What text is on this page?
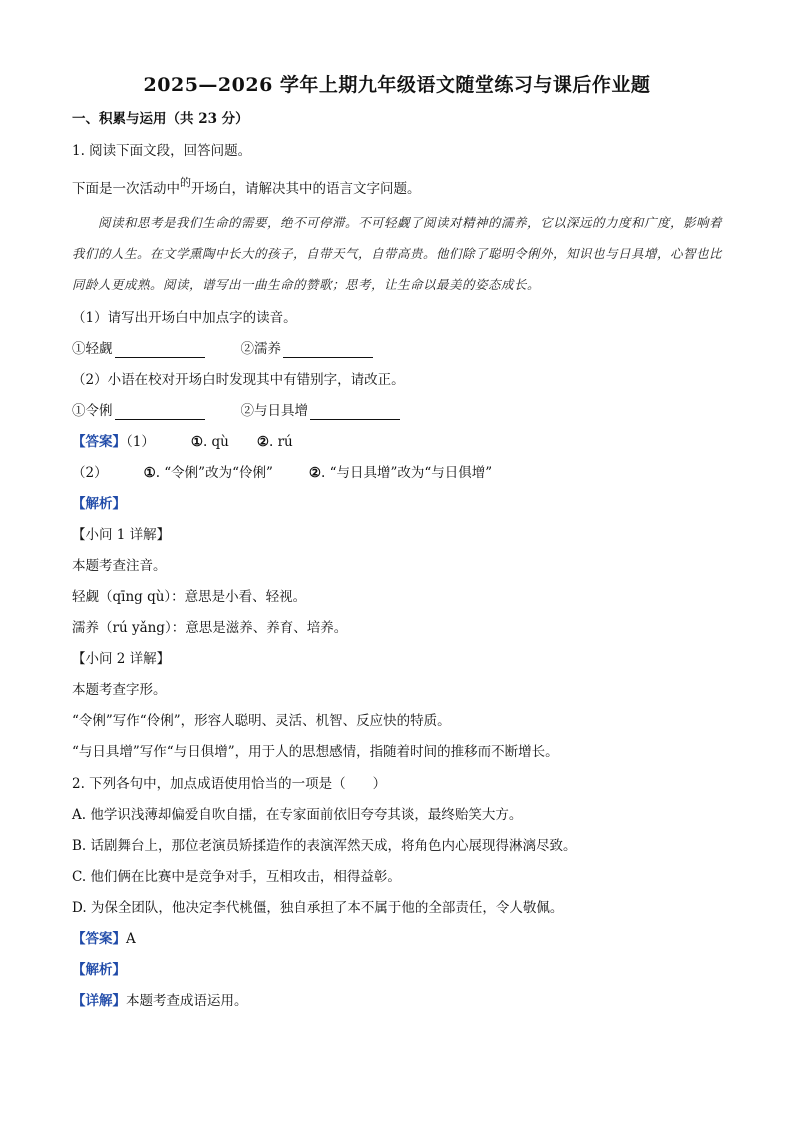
2025—2026 学年上期九年级语文随堂练习与课后作业题
一、积累与运用（共 23 分）
1. 阅读下面文段，回答问题。
下面是一次活动中$^的$开场白，请解决其中的语言文字问题。
阅读和思考是我们生命的需要，绝不可停滞。不可轻觑了阅读对精神的濡养，它以深远的力度和广度，影响着我们的人生。在文学熏陶中长大的孩子，自带天气，自带高贵。他们除了聪明令俐外，知识也与日具增，心智也比同龄人更成熟。阅读，谱写出一曲生命的赞歌；思考，让生命以最美的姿态成长。
（1）请写出开场白中加点字的读音。
①轻觑	②濡养
（2）小语在校对开场白时发现其中有错别字，请改正。
①令俐	②与日具增
【答案】（1）	①. qù ②. rú
（2）	①. “令俐”改为“伶俐”	②. “与日具增”改为“与日俱增”
【解析】
【小问 1 详解】
本题考查注音。
轻觑（qīng qù）：意思是小看、轻视。
濡养（rú yǎng）：意思是滋养、养育、培养。
【小问 2 详解】
本题考查字形。
“令俐”写作“伶俐”，形容人聪明、灵活、机智、反应快的特质。
“与日具增”写作“与日俱增”，用于人的思想感情，指随着时间的推移而不断增长。
2. 下列各句中，加点成语使用恰当的一项是（　　）
A. 他学识浅薄却偏爱自吹自擂，在专家面前依旧夸夸其谈，最终贻笑大方。
B. 话剧舞台上，那位老演员矫揉造作的表演浑然天成，将角色内心展现得淋漓尽致。
C. 他们俩在比赛中是竞争对手，互相攻击，相得益彰。
D. 为保全团队，他决定李代桃僵，独自承担了本不属于他的全部责任，令人敬佩。
【答案】A
【解析】
【详解】本题考查成语运用。
